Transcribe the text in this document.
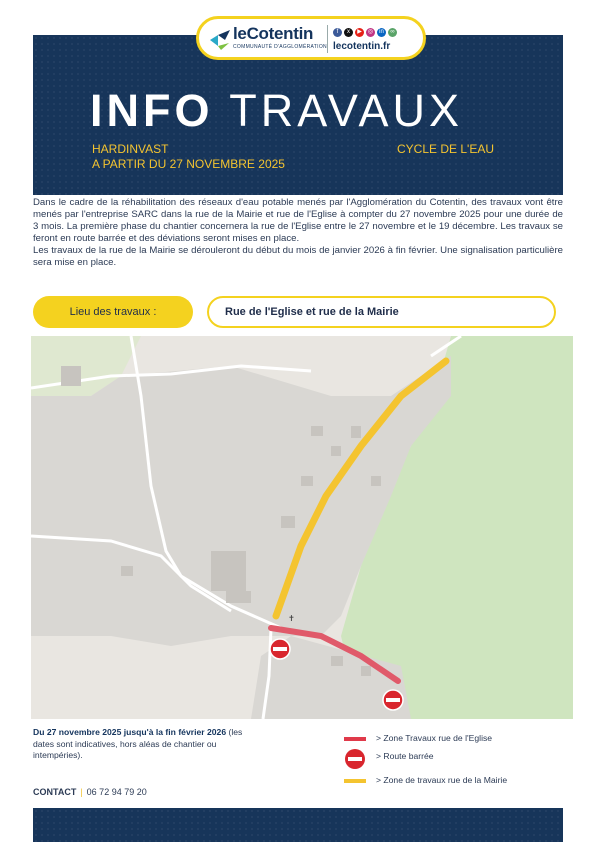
leCotentin
COMMUNAUTÉ D'AGGLOMÉRATION
f	x	▶	◎	in	∞
lecotentin.fr
INFO TRAVAUX
HARDINVAST
A PARTIR DU 27 NOVEMBRE 2025
CYCLE DE L'EAU

Dans le cadre de la réhabilitation des réseaux d'eau potable menés par l'Agglomération du Cotentin, des travaux vont être menés par l'entreprise SARC dans la rue de la Mairie et rue de l'Eglise à compter du 27 novembre 2025 pour une durée de 3 mois. La première phase du chantier concernera la rue de l'Eglise entre le 27 novembre et le 19 décembre. Les travaux se feront en route barrée et des déviations seront mises en place.

Les travaux de la rue de la Mairie se dérouleront du début du mois de janvier 2026 à fin février. Une signalisation particulière sera mise en place.

Lieu des travaux :	Rue de l'Eglise et rue de la Mairie
✝

Du 27 novembre 2025 jusqu'à la fin février 2026 (les dates sont indicatives, hors aléas de chantier ou intempéries).

> Zone Travaux rue de l'Eglise
> Route barrée
> Zone de travaux rue de la Mairie
CONTACT | 06 72 94 79 20
